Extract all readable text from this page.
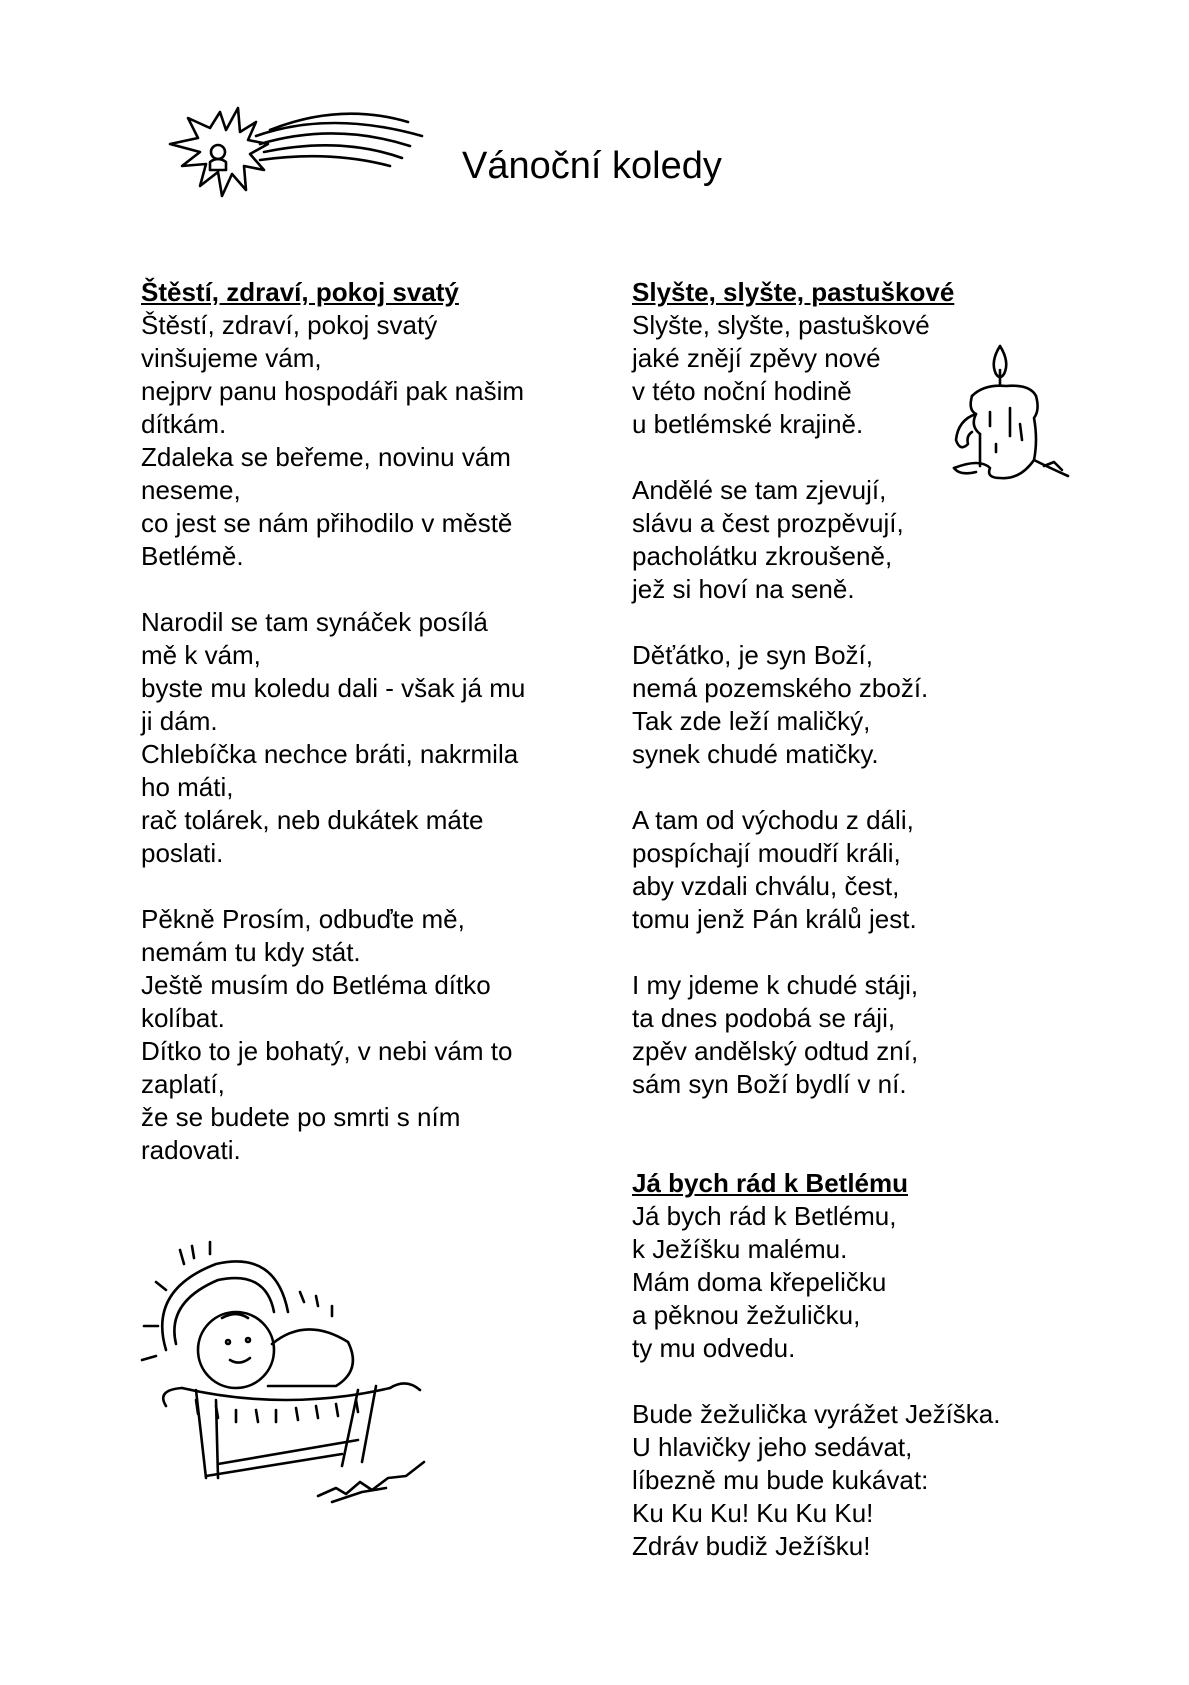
Vánoční koledy

Štěstí, zdraví, pokoj svatý

Štěstí, zdraví, pokoj svatý
vinšujeme vám,
nejprv panu hospodáři pak našim
dítkám.
Zdaleka se beřeme, novinu vám
neseme,
co jest se nám přihodilo v městě
Betlémě.
Narodil se tam synáček posílá
mě k vám,
byste mu koledu dali - však já mu
ji dám.
Chlebíčka nechce bráti, nakrmila
ho máti,
rač tolárek, neb dukátek máte
poslati.
Pěkně Prosím, odbuďte mě,
nemám tu kdy stát.
Ještě musím do Betléma dítko
kolíbat.
Dítko to je bohatý, v nebi vám to
zaplatí,
že se budete po smrti s ním
radovati.

Slyšte, slyšte, pastuškové

Slyšte, slyšte, pastuškové
jaké znějí zpěvy nové
v této noční hodině
u betlémské krajině.
Andělé se tam zjevují,
slávu a čest prozpěvují,
pacholátku zkroušeně,
jež si hoví na seně.
Děťátko, je syn Boží,
nemá pozemského zboží.
Tak zde leží maličký,
synek chudé matičky.
A tam od východu z dáli,
pospíchají moudří králi,
aby vzdali chválu, čest,
tomu jenž Pán králů jest.
I my jdeme k chudé stáji,
ta dnes podobá se ráji,
zpěv andělský odtud zní,
sám syn Boží bydlí v ní.

Já bych rád k Betlému

Já bych rád k Betlému,
k Ježíšku malému.
Mám doma křepeličku
a pěknou žežuličku,
ty mu odvedu.
Bude žežulička vyrážet Ježíška.
U hlavičky jeho sedávat,
líbezně mu bude kukávat:
Ku Ku Ku! Ku Ku Ku!
Zdráv budiž Ježíšku!
